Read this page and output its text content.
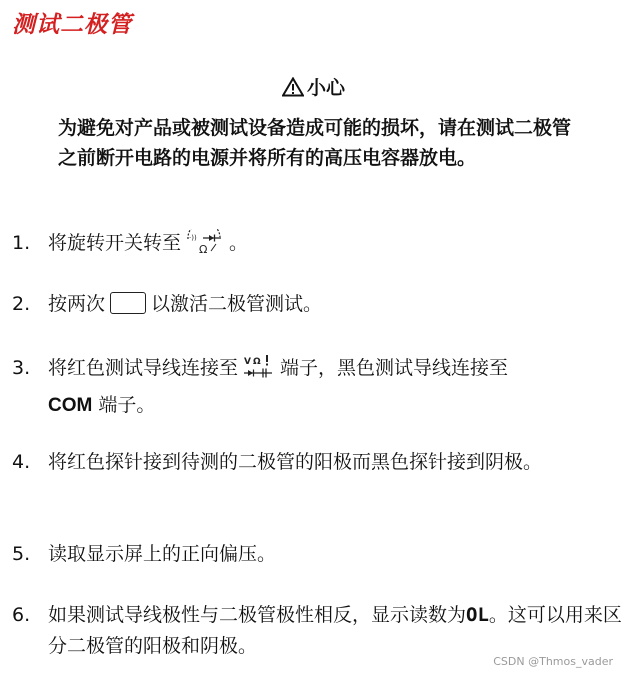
测试二极管
小心
为避免对产品或被测试设备造成可能的损坏，请在测试二极管之前断开电路的电源并将所有的高压电容器放电。
1. 将旋转开关转至 ·))
Ω 。
2. 按两次 以激活二极管测试。
3. 将红色测试导线连接至 V Ω 端子，黑色测试导线连接至
COM 端子。
4. 将红色探针接到待测的二极管的阳极而黑色探针接到阴极。
5. 读取显示屏上的正向偏压。
6. 如果测试导线极性与二极管极性相反，显示读数为OL。这可以用来区分二极管的阳极和阴极。
CSDN @Thmos_vader
